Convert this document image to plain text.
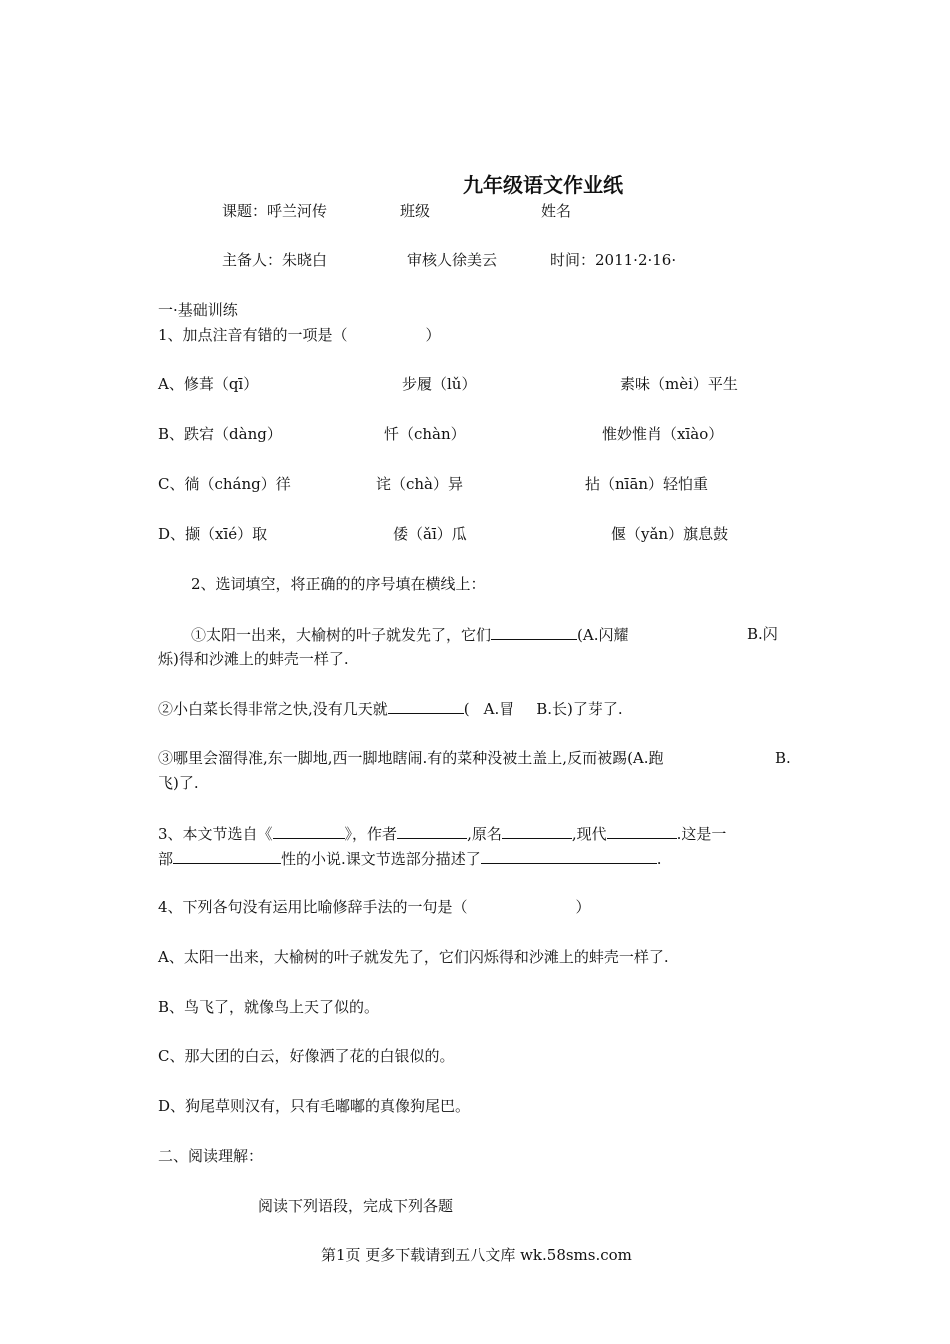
九年级语文作业纸
课题：呼兰河传	班级	姓名
主备人：朱晓白	审核人徐美云	时间：2011·2·16·
一·基础训练
1、加点注音有错的一项是（	）
A、修葺（qī）	步履（lǔ）	素味（mèi）平生
B、跌宕（dàng）	忏（chàn）	惟妙惟肖（xīào）
C、徜（cháng）徉	诧（chà）异	拈（nīān）轻怕重
D、撷（xīé）取	倭（ǎī）瓜	偃（yǎn）旗息鼓
2、选词填空，将正确的的序号填在横线上：
①太阳一出来，大榆树的叶子就发先了，它们	(A.闪耀	B.闪
烁)得和沙滩上的蚌壳一样了.
②小白菜长得非常之快,没有几天就	( A.冒 B.长)了芽了.
③哪里会溜得准,东一脚地,西一脚地瞎闹.有的菜种没被土盖上,反而被踢(A.跑	B.
飞)了.
3、本文节选自《	》，作者	,原名	,现代	.这是一
部	性的小说.课文节选部分描述了	.
4、下列各句没有运用比喻修辞手法的一句是（	）
A、太阳一出来，大榆树的叶子就发先了，它们闪烁得和沙滩上的蚌壳一样了.
B、鸟飞了，就像鸟上天了似的。
C、那大团的白云，好像洒了花的白银似的。
D、狗尾草则汉有，只有毛嘟嘟的真像狗尾巴。
二、阅读理解：
阅读下列语段，完成下列各题
第1页 更多下载请到五八文库 wk.58sms.com
